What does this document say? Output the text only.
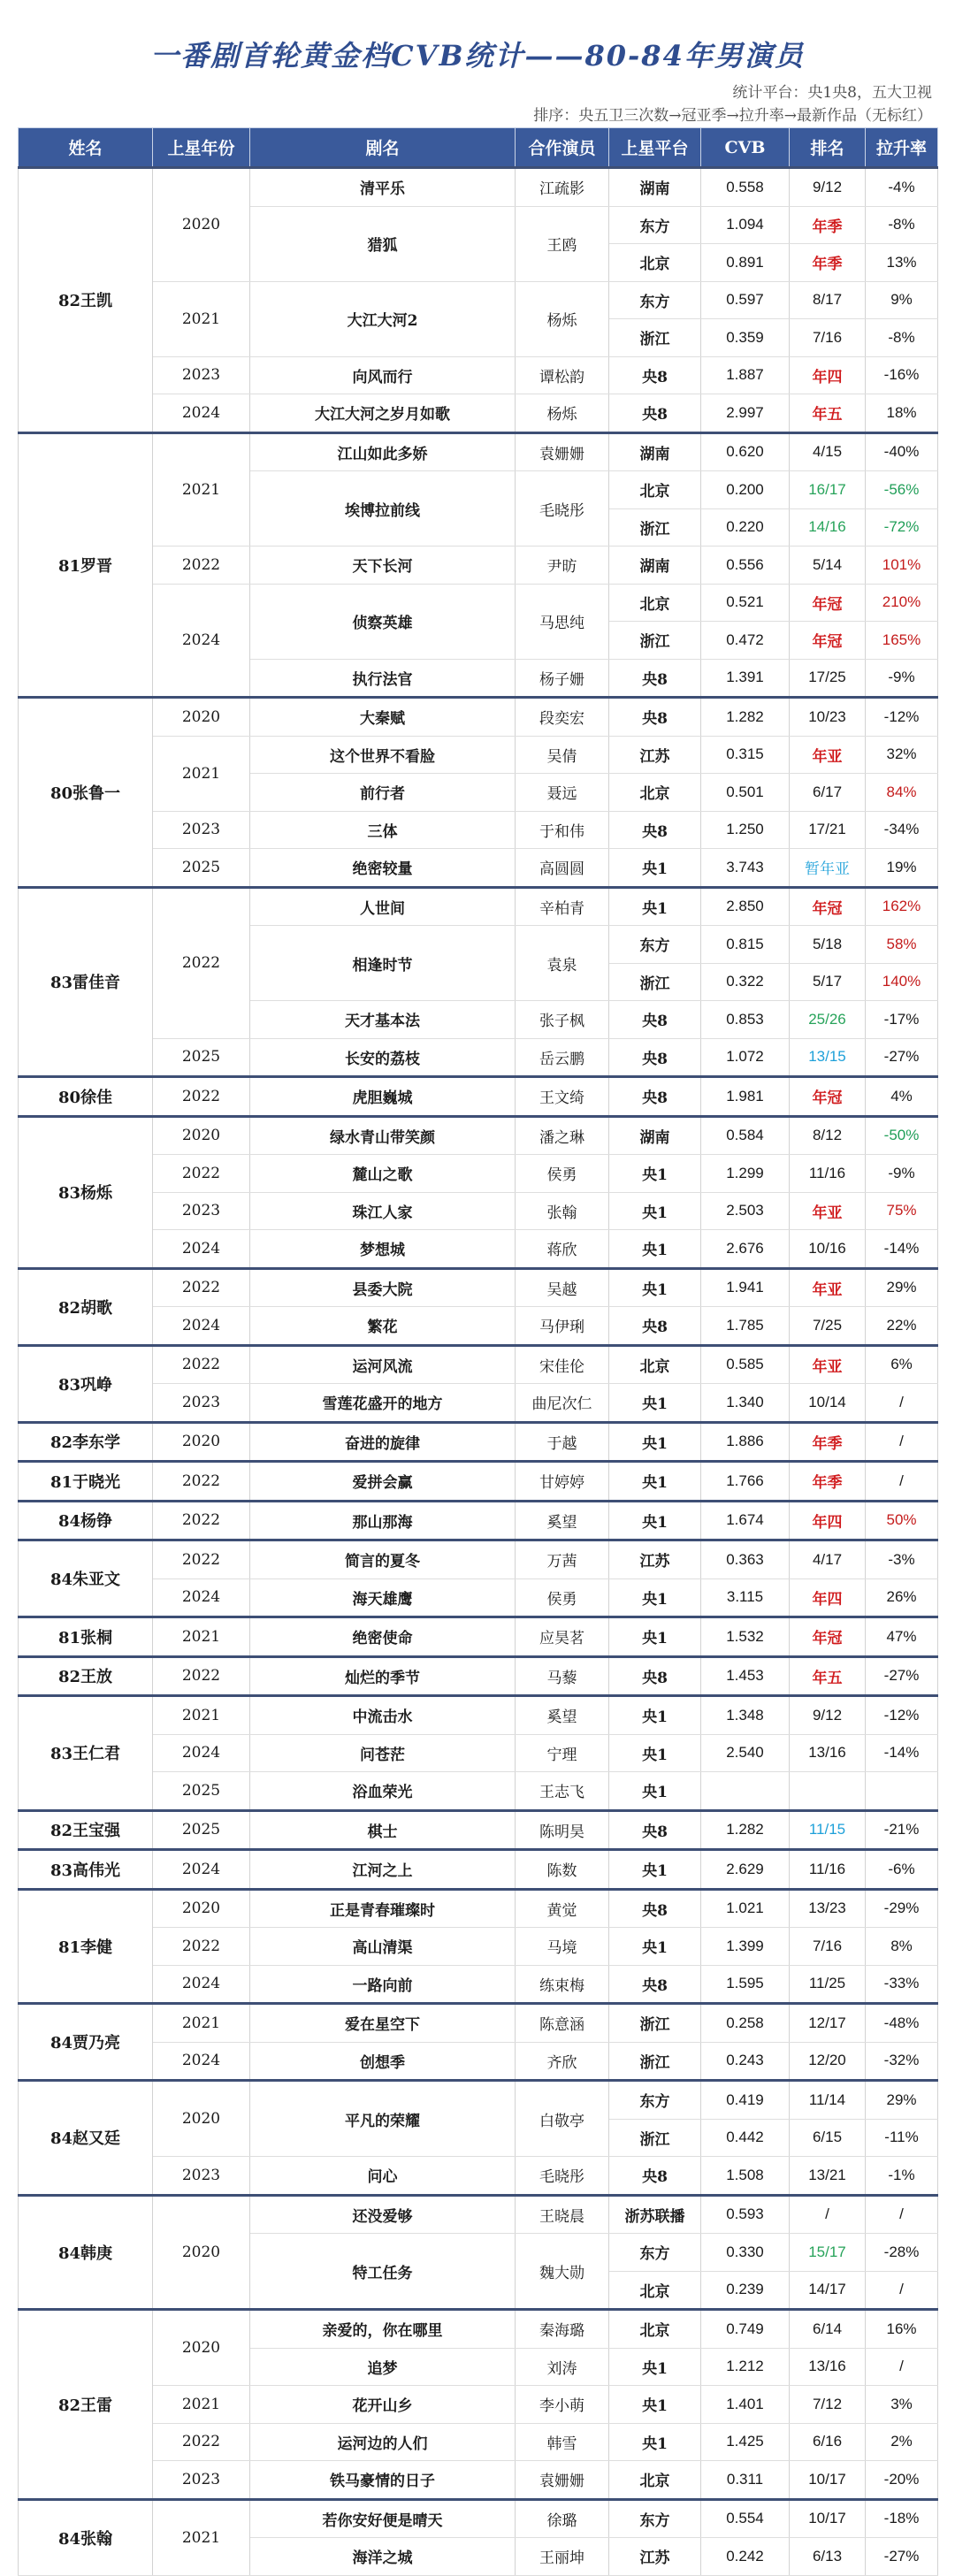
一番剧首轮黄金档CVB统计——80-84年男演员
统计平台：央1央8，五大卫视
排序：央五卫三次数→冠亚季→拉升率→最新作品（无标红）
姓名	上星年份	剧名	合作演员	上星平台	CVB	排名	拉升率
82王凯	2020	清平乐	江疏影	湖南	0.558	9/12	-4%
		猎狐	王鸥	东方	1.094	年季	-8%
				北京	0.891	年季	13%
	2021	大江大河2	杨烁	东方	0.597	8/17	9%
				浙江	0.359	7/16	-8%
	2023	向风而行	谭松韵	央8	1.887	年四	-16%
	2024	大江大河之岁月如歌	杨烁	央8	2.997	年五	18%
81罗晋	2021	江山如此多娇	袁姗姗	湖南	0.620	4/15	-40%
		埃博拉前线	毛晓彤	北京	0.200	16/17	-56%
				浙江	0.220	14/16	-72%
	2022	天下长河	尹昉	湖南	0.556	5/14	101%
	2024	侦察英雄	马思纯	北京	0.521	年冠	210%
				浙江	0.472	年冠	165%
		执行法官	杨子姗	央8	1.391	17/25	-9%
80张鲁一	2020	大秦赋	段奕宏	央8	1.282	10/23	-12%
	2021	这个世界不看脸	吴倩	江苏	0.315	年亚	32%
		前行者	聂远	北京	0.501	6/17	84%
	2023	三体	于和伟	央8	1.250	17/21	-34%
	2025	绝密较量	高圆圆	央1	3.743	暂年亚	19%
83雷佳音	2022	人世间	辛柏青	央1	2.850	年冠	162%
		相逢时节	袁泉	东方	0.815	5/18	58%
				浙江	0.322	5/17	140%
		天才基本法	张子枫	央8	0.853	25/26	-17%
	2025	长安的荔枝	岳云鹏	央8	1.072	13/15	-27%
80徐佳	2022	虎胆巍城	王文绮	央8	1.981	年冠	4%
83杨烁	2020	绿水青山带笑颜	潘之琳	湖南	0.584	8/12	-50%
	2022	麓山之歌	侯勇	央1	1.299	11/16	-9%
	2023	珠江人家	张翰	央1	2.503	年亚	75%
	2024	梦想城	蒋欣	央1	2.676	10/16	-14%
82胡歌	2022	县委大院	吴越	央1	1.941	年亚	29%
	2024	繁花	马伊琍	央8	1.785	7/25	22%
83巩峥	2022	运河风流	宋佳伦	北京	0.585	年亚	6%
	2023	雪莲花盛开的地方	曲尼次仁	央1	1.340	10/14	/
82李东学	2020	奋进的旋律	于越	央1	1.886	年季	/
81于晓光	2022	爱拼会赢	甘婷婷	央1	1.766	年季	/
84杨铮	2022	那山那海	奚望	央1	1.674	年四	50%
84朱亚文	2022	简言的夏冬	万茜	江苏	0.363	4/17	-3%
	2024	海天雄鹰	侯勇	央1	3.115	年四	26%
81张桐	2021	绝密使命	应昊茗	央1	1.532	年冠	47%
82王放	2022	灿烂的季节	马藜	央8	1.453	年五	-27%
83王仁君	2021	中流击水	奚望	央1	1.348	9/12	-12%
	2024	问苍茫	宁理	央1	2.540	13/16	-14%
	2025	浴血荣光	王志飞	央1			
82王宝强	2025	棋士	陈明昊	央8	1.282	11/15	-21%
83高伟光	2024	江河之上	陈数	央1	2.629	11/16	-6%
81李健	2020	正是青春璀璨时	黄觉	央8	1.021	13/23	-29%
	2022	高山清渠	马境	央1	1.399	7/16	8%
	2024	一路向前	练束梅	央8	1.595	11/25	-33%
84贾乃亮	2021	爱在星空下	陈意涵	浙江	0.258	12/17	-48%
	2024	创想季	齐欣	浙江	0.243	12/20	-32%
84赵又廷	2020	平凡的荣耀	白敬亭	东方	0.419	11/14	29%
				浙江	0.442	6/15	-11%
	2023	问心	毛晓彤	央8	1.508	13/21	-1%
84韩庚	2020	还没爱够	王晓晨	浙苏联播	0.593	/	/
		特工任务	魏大勋	东方	0.330	15/17	-28%
				北京	0.239	14/17	/
82王雷	2020	亲爱的，你在哪里	秦海璐	北京	0.749	6/14	16%
		追梦	刘涛	央1	1.212	13/16	/
	2021	花开山乡	李小萌	央1	1.401	7/12	3%
	2022	运河边的人们	韩雪	央1	1.425	6/16	2%
	2023	铁马豪情的日子	袁姗姗	北京	0.311	10/17	-20%
84张翰	2021	若你安好便是晴天	徐璐	东方	0.554	10/17	-18%
		海洋之城	王丽坤	江苏	0.242	6/13	-27%
